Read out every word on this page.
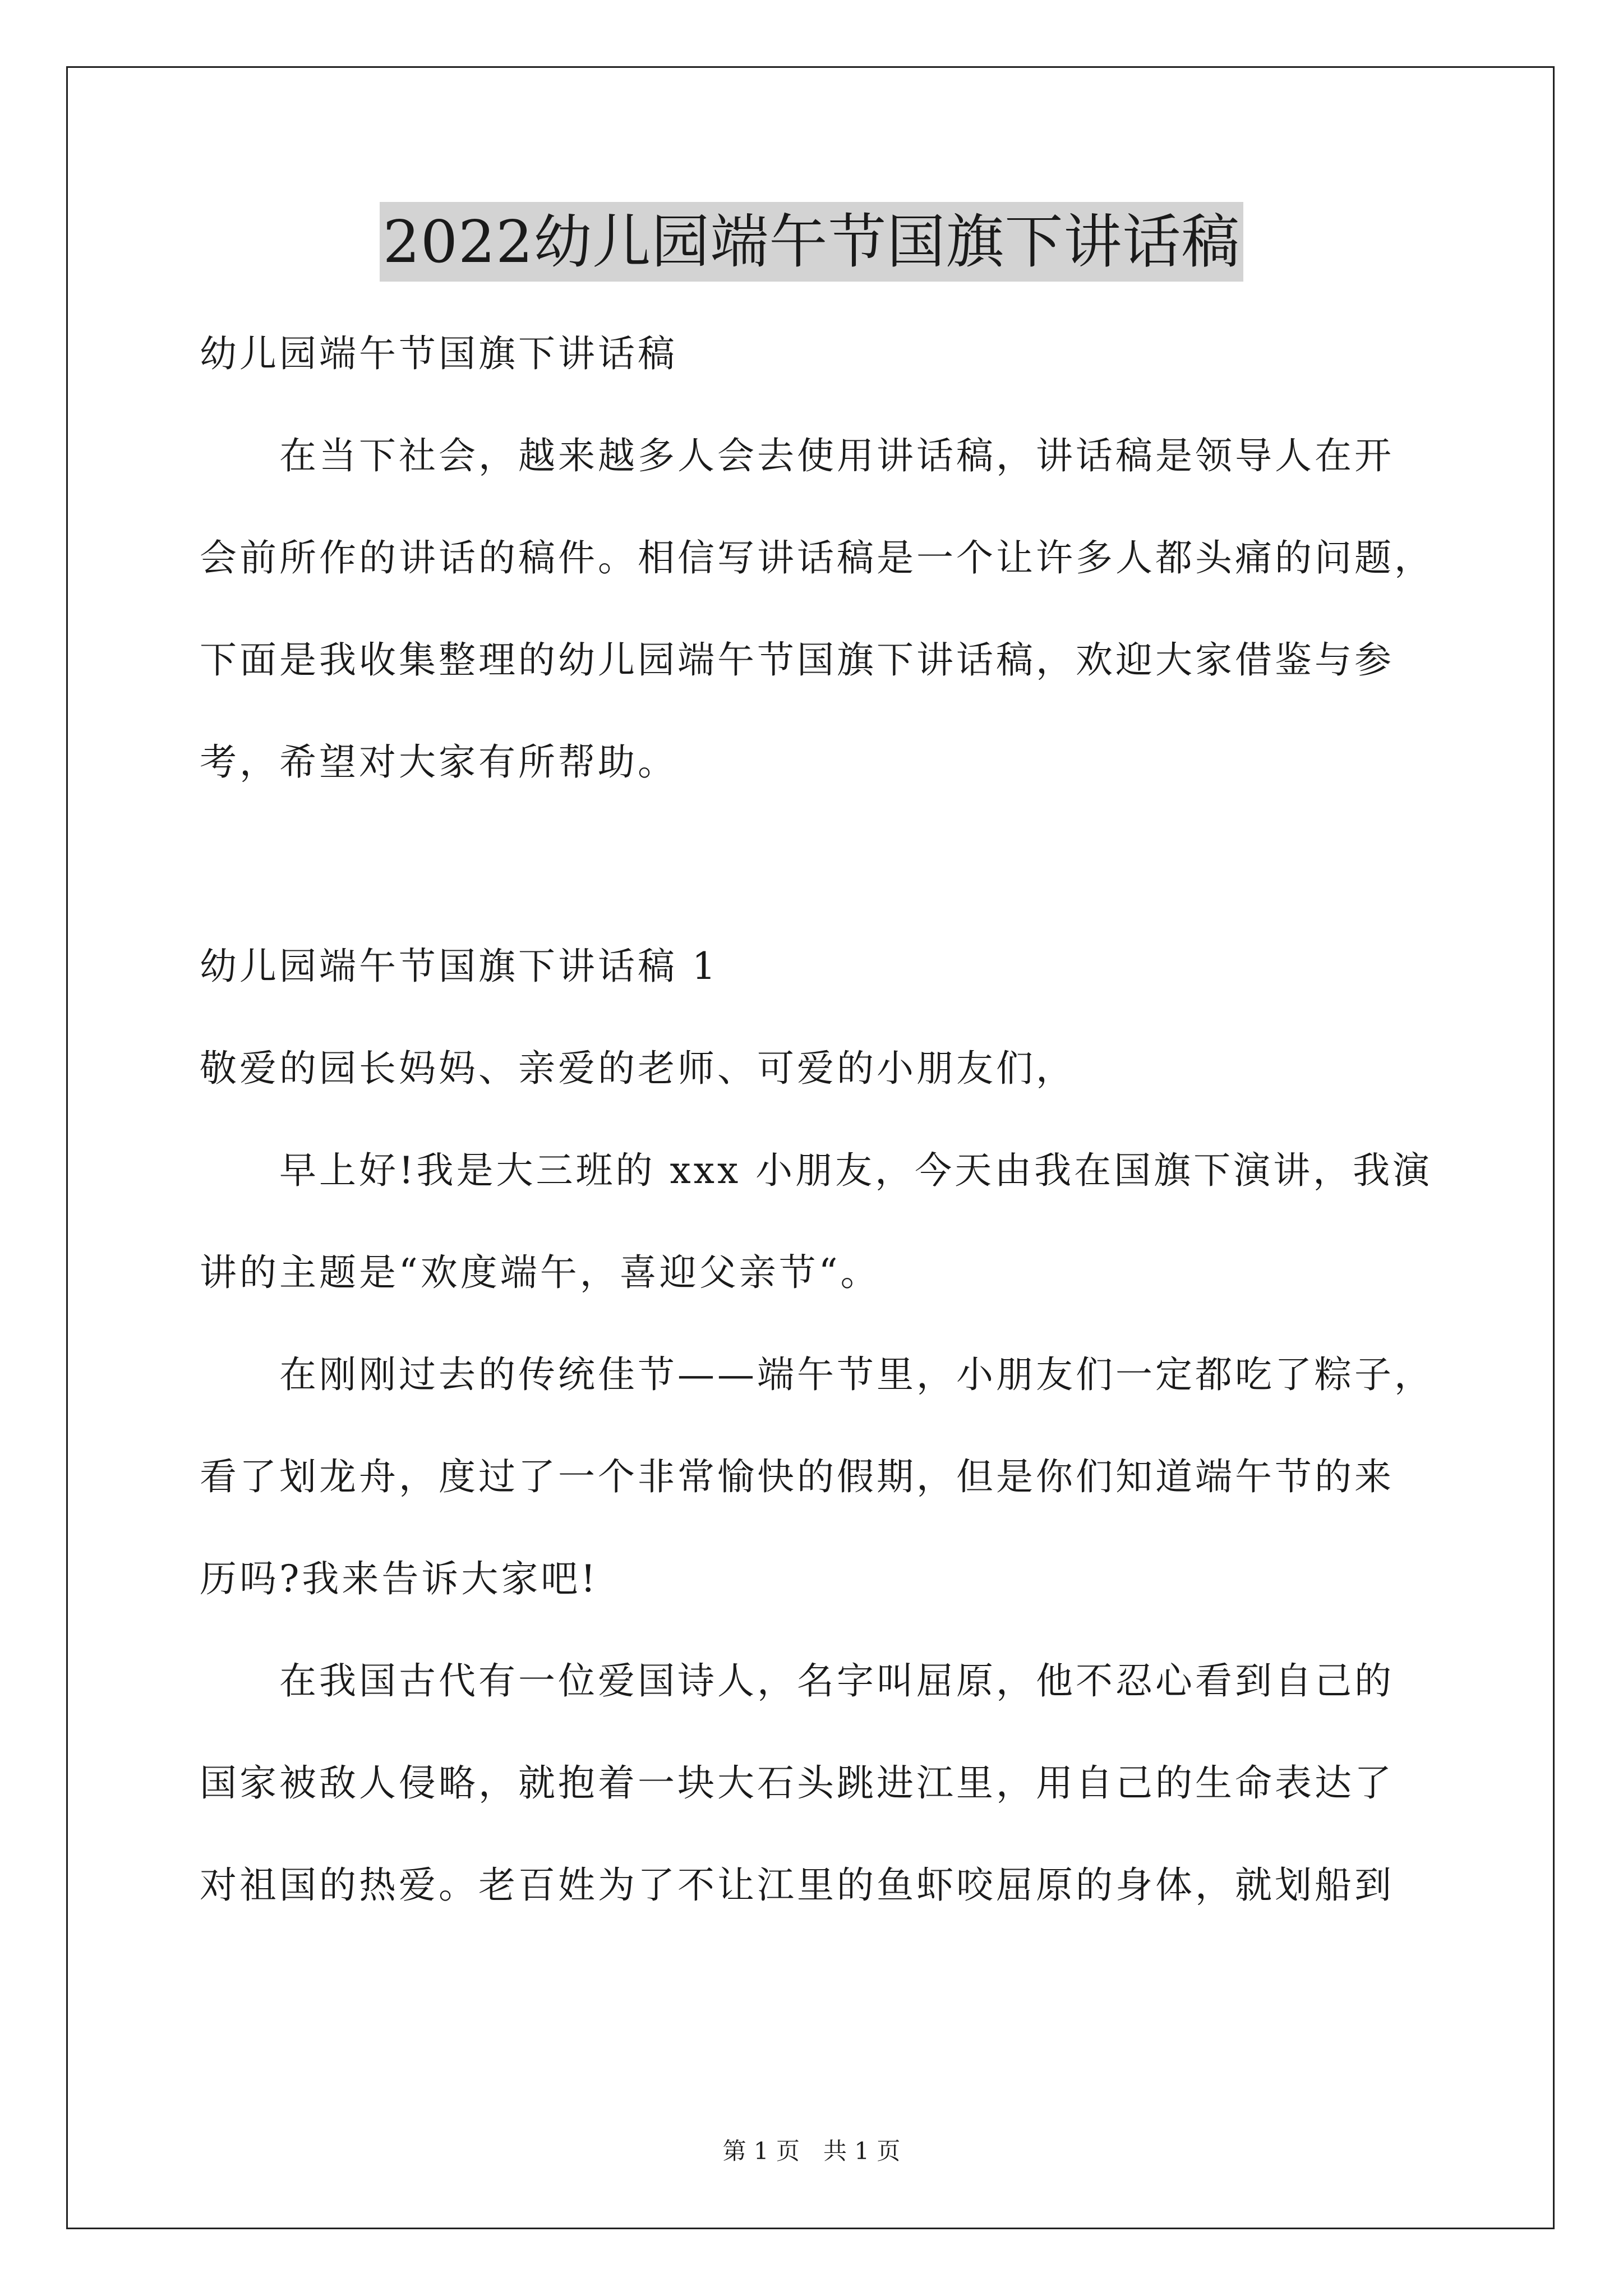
2022幼儿园端午节国旗下讲话稿
幼儿园端午节国旗下讲话稿
　　在当下社会，越来越多人会去使用讲话稿，讲话稿是领导人在开
会前所作的讲话的稿件。相信写讲话稿是一个让许多人都头痛的问题，
下面是我收集整理的幼儿园端午节国旗下讲话稿，欢迎大家借鉴与参
考，希望对大家有所帮助。
幼儿园端午节国旗下讲话稿 1
敬爱的园长妈妈、亲爱的老师、可爱的小朋友们，
　　早上好!我是大三班的 xxx 小朋友，今天由我在国旗下演讲，我演
讲的主题是“欢度端午，喜迎父亲节“。
　　在刚刚过去的传统佳节——端午节里，小朋友们一定都吃了粽子，
看了划龙舟，度过了一个非常愉快的假期，但是你们知道端午节的来
历吗?我来告诉大家吧!
　　在我国古代有一位爱国诗人，名字叫屈原，他不忍心看到自己的
国家被敌人侵略，就抱着一块大石头跳进江里，用自己的生命表达了
对祖国的热爱。老百姓为了不让江里的鱼虾咬屈原的身体，就划船到
第 1 页　共 1 页
